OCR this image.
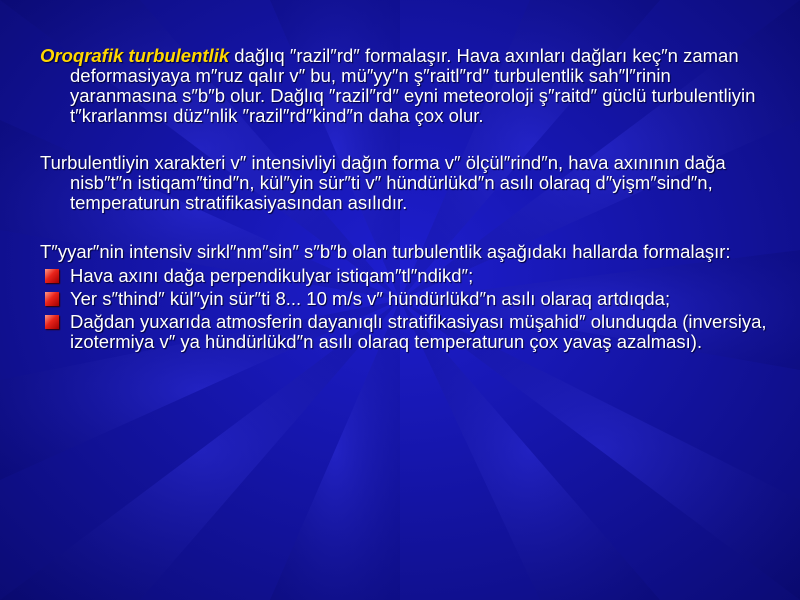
Oroqrafik turbulentlik dağlıq ″razil″rd″ formalaşır. Hava axınları dağları keç″n zaman deformasiyaya m″ruz qalır v″ bu, mü″yy″n ş″raitl″rd″ turbulentlik sah″l″rinin yaranmasına s″b″b olur. Dağlıq ″razil″rd″ eyni meteoroloji ş″raitd″ güclü turbulentliyin t″krarlanmsı düz″nlik ″razil″rd″kind″n daha çox olur.

Turbulentliyin xarakteri v″ intensivliyi dağın forma v″ ölçül″rind″n, hava axınının dağa nisb″t″n istiqam″tind″n, kül″yin sür″ti v″ hündürlükd″n asılı olaraq d″yişm″sind″n, temperaturun stratifikasiyasından asılıdır.

T″yyar″nin intensiv sirkl″nm″sin″ s″b″b olan turbulentlik aşağıdakı hallarda formalaşır:

Hava axını dağa perpendikulyar istiqam″tl″ndikd″;
Yer s″thind″ kül″yin sür″ti 8... 10 m/s v″ hündürlükd″n asılı olaraq artdıqda;
Dağdan yuxarıda atmosferin dayanıqlı stratifikasiyası müşahid″ olunduqda (inversiya, izotermiya v″ ya hündürlükd″n asılı olaraq temperaturun çox yavaş azalması).
